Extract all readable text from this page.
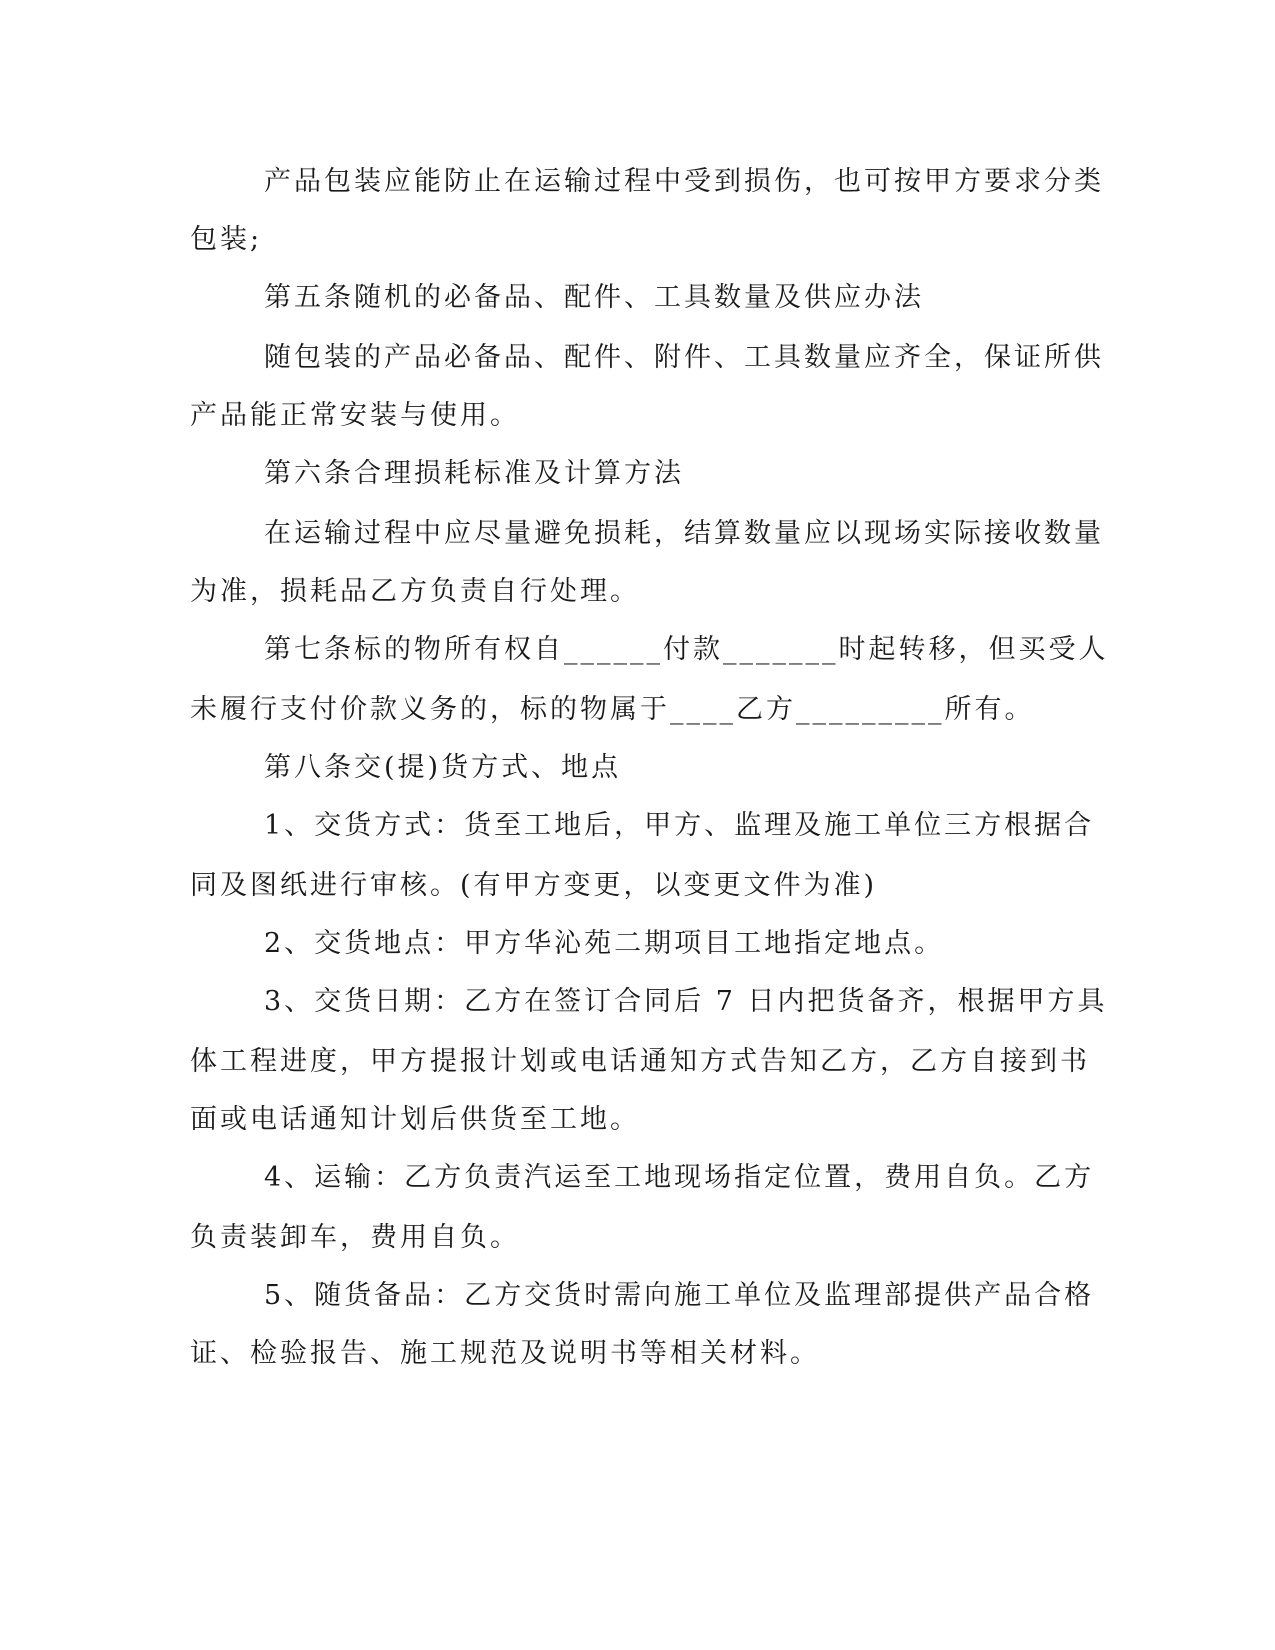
产品包装应能防止在运输过程中受到损伤，也可按甲方要求分类
包装;
第五条随机的必备品、配件、工具数量及供应办法
随包装的产品必备品、配件、附件、工具数量应齐全，保证所供
产品能正常安装与使用。
第六条合理损耗标准及计算方法
在运输过程中应尽量避免损耗，结算数量应以现场实际接收数量
为准，损耗品乙方负责自行处理。
第七条标的物所有权自______付款_______时起转移，但买受人
未履行支付价款义务的，标的物属于____乙方_________所有。
第八条交(提)货方式、地点
1、交货方式：货至工地后，甲方、监理及施工单位三方根据合
同及图纸进行审核。(有甲方变更，以变更文件为准)
2、交货地点：甲方华沁苑二期项目工地指定地点。
3、交货日期：乙方在签订合同后 7 日内把货备齐，根据甲方具
体工程进度，甲方提报计划或电话通知方式告知乙方，乙方自接到书
面或电话通知计划后供货至工地。
4、运输：乙方负责汽运至工地现场指定位置，费用自负。乙方
负责装卸车，费用自负。
5、随货备品：乙方交货时需向施工单位及监理部提供产品合格
证、检验报告、施工规范及说明书等相关材料。
